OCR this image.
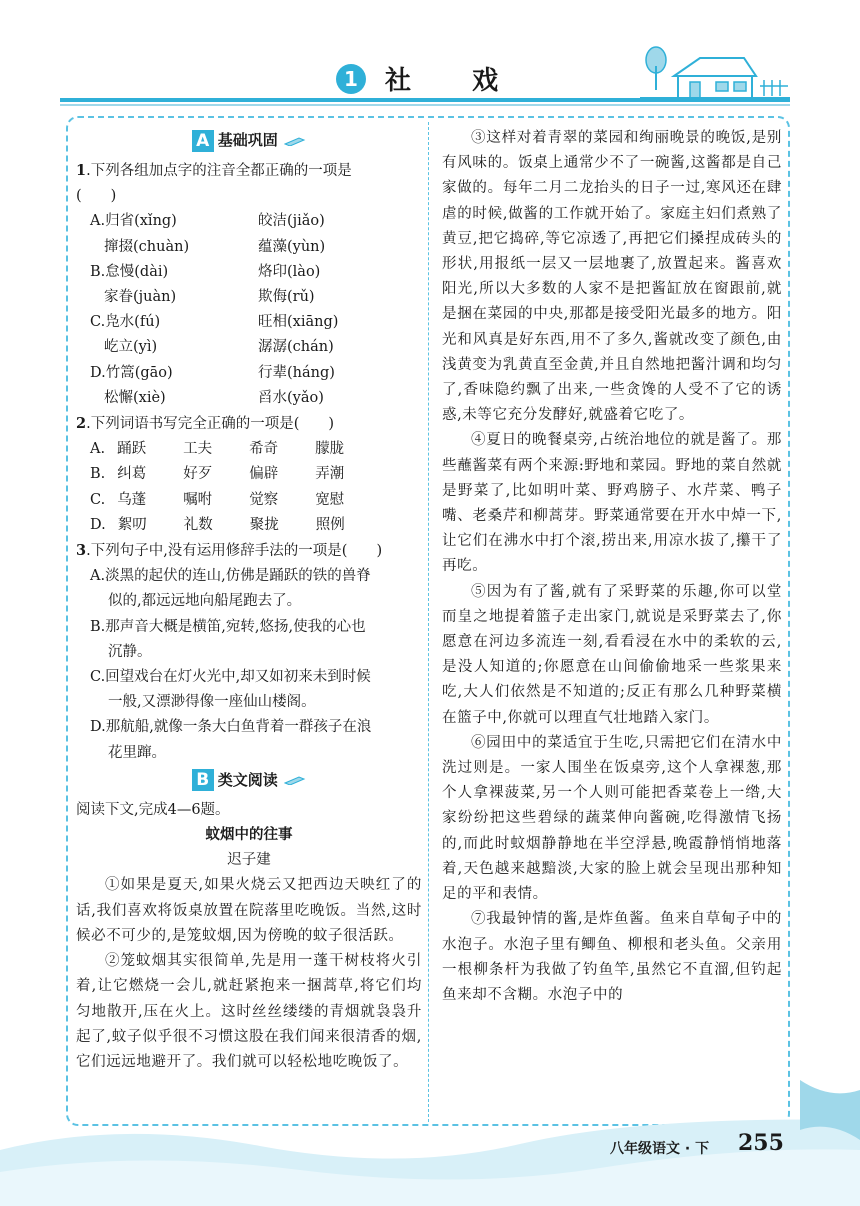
1 社 戏
A 基础巩固
1.下列各组加点字的注音全都正确的一项是
(　　)
A.归省(xǐng)	皎洁(jiǎo)
撺掇(chuàn)	蕴藻(yùn)
B.怠慢(dài)	烙印(lào)
家眷(juàn)	欺侮(rǔ)
C.凫水(fú)	旺相(xiāng)
屹立(yì)	潺潺(chán)
D.竹篙(gāo)	行辈(háng)
松懈(xiè)	舀水(yǎo)
2.下列词语书写完全正确的一项是(　　)
A. 踊跃	工夫	希奇	朦胧
B. 纠葛	好歹	偏辟	弄潮
C. 乌蓬	嘱咐	觉察	宽慰
D. 絮叨	礼数	聚拢	照例
3.下列句子中,没有运用修辞手法的一项是(　　)
A.淡黑的起伏的连山,仿佛是踊跃的铁的兽脊
似的,都远远地向船尾跑去了。
B.那声音大概是横笛,宛转,悠扬,使我的心也
沉静。
C.回望戏台在灯火光中,却又如初来未到时候
一般,又漂渺得像一座仙山楼阁。
D.那航船,就像一条大白鱼背着一群孩子在浪
花里蹿。
B 类文阅读
阅读下文,完成4—6题。
蚊烟中的往事
迟子建

①如果是夏天,如果火烧云又把西边天映红了的话,我们喜欢将饭桌放置在院落里吃晚饭。当然,这时候必不可少的,是笼蚊烟,因为傍晚的蚊子很活跃。

②笼蚊烟其实很简单,先是用一蓬干树枝将火引着,让它燃烧一会儿,就赶紧抱来一捆蒿草,将它们均匀地散开,压在火上。这时丝丝缕缕的青烟就袅袅升起了,蚊子似乎很不习惯这股在我们闻来很清香的烟,它们远远地避开了。我们就可以轻松地吃晚饭了。

③这样对着青翠的菜园和绚丽晚景的晚饭,是别有风味的。饭桌上通常少不了一碗酱,这酱都是自己家做的。每年二月二龙抬头的日子一过,寒风还在肆虐的时候,做酱的工作就开始了。家庭主妇们煮熟了黄豆,把它捣碎,等它凉透了,再把它们搡捏成砖头的形状,用报纸一层又一层地裹了,放置起来。酱喜欢阳光,所以大多数的人家不是把酱缸放在窗跟前,就是捆在菜园的中央,那都是接受阳光最多的地方。阳光和风真是好东西,用不了多久,酱就改变了颜色,由浅黄变为乳黄直至金黄,并且自然地把酱汁调和均匀了,香味隐约飘了出来,一些贪馋的人受不了它的诱惑,未等它充分发酵好,就盛着它吃了。

④夏日的晚餐桌旁,占统治地位的就是酱了。那些蘸酱菜有两个来源:野地和菜园。野地的菜自然就是野菜了,比如明叶菜、野鸡膀子、水芹菜、鸭子嘴、老桑芹和柳蒿芽。野菜通常要在开水中焯一下,让它们在沸水中打个滚,捞出来,用凉水拔了,攥干了再吃。

⑤因为有了酱,就有了采野菜的乐趣,你可以堂而皇之地提着篮子走出家门,就说是采野菜去了,你愿意在河边多流连一刻,看看浸在水中的柔软的云,是没人知道的;你愿意在山间偷偷地采一些浆果来吃,大人们依然是不知道的;反正有那么几种野菜横在篮子中,你就可以理直气壮地踏入家门。

⑥园田中的菜适宜于生吃,只需把它们在清水中洗过则是。一家人围坐在饭桌旁,这个人拿裸葱,那个人拿裸菠菜,另一个人则可能把香菜卷上一绺,大家纷纷把这些碧绿的蔬菜伸向酱碗,吃得激情飞扬的,而此时蚊烟静静地在半空浮悬,晚霞静悄悄地落着,天色越来越黯淡,大家的脸上就会呈现出那种知足的平和表情。

⑦我最钟情的酱,是炸鱼酱。鱼来自草甸子中的水泡子。水泡子里有鲫鱼、柳根和老头鱼。父亲用一根柳条杆为我做了钓鱼竿,虽然它不直溜,但钓起鱼来却不含糊。水泡子中的

八年级语文 · 下 255
